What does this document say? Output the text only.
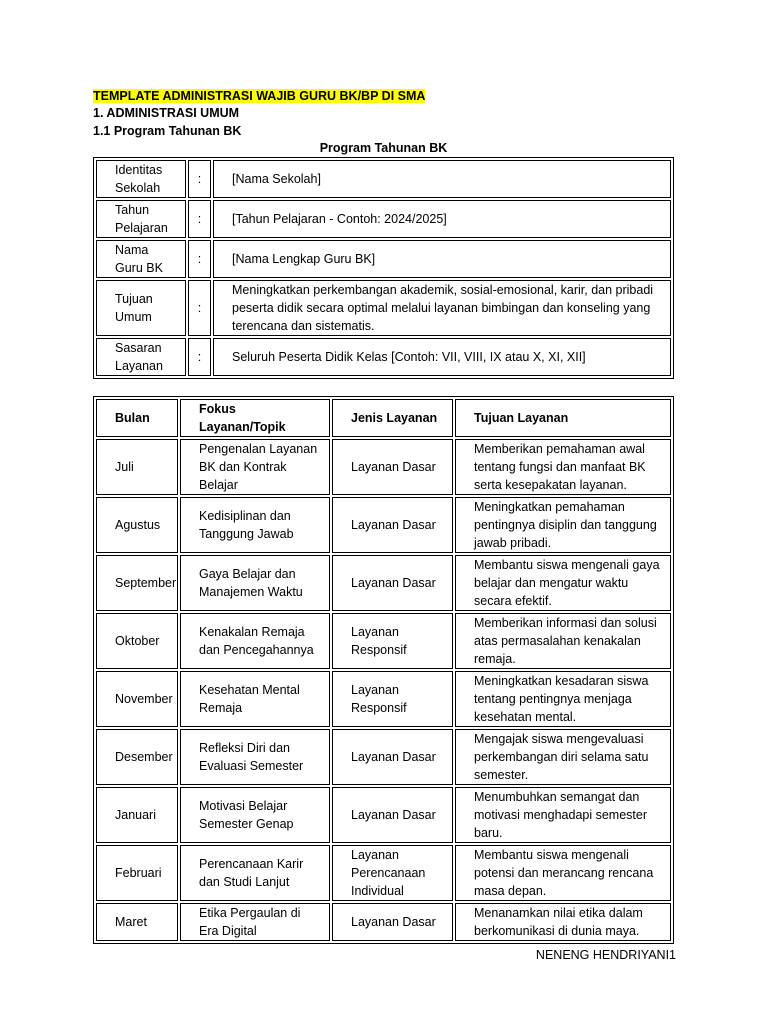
TEMPLATE ADMINISTRASI WAJIB GURU BK/BP DI SMA
1. ADMINISTRASI UMUM
1.1 Program Tahunan BK
Program Tahunan BK
Identitas Sekolah	:	[Nama Sekolah]
Tahun Pelajaran	:	[Tahun Pelajaran - Contoh: 2024/2025]
Nama Guru BK	:	[Nama Lengkap Guru BK]
Tujuan Umum	:	Meningkatkan perkembangan akademik, sosial-emosional, karir, dan pribadi peserta didik secara optimal melalui layanan bimbingan dan konseling yang terencana dan sistematis.
Sasaran Layanan	:	Seluruh Peserta Didik Kelas [Contoh: VII, VIII, IX atau X, XI, XII]
Bulan	Fokus Layanan/Topik	Jenis Layanan	Tujuan Layanan
Juli	Pengenalan Layanan BK dan Kontrak Belajar	Layanan Dasar	Memberikan pemahaman awal tentang fungsi dan manfaat BK serta kesepakatan layanan.
Agustus	Kedisiplinan dan Tanggung Jawab	Layanan Dasar	Meningkatkan pemahaman pentingnya disiplin dan tanggung jawab pribadi.
September	Gaya Belajar dan Manajemen Waktu	Layanan Dasar	Membantu siswa mengenali gaya belajar dan mengatur waktu secara efektif.
Oktober	Kenakalan Remaja dan Pencegahannya	Layanan Responsif	Memberikan informasi dan solusi atas permasalahan kenakalan remaja.
November	Kesehatan Mental Remaja	Layanan Responsif	Meningkatkan kesadaran siswa tentang pentingnya menjaga kesehatan mental.
Desember	Refleksi Diri dan Evaluasi Semester	Layanan Dasar	Mengajak siswa mengevaluasi perkembangan diri selama satu semester.
Januari	Motivasi Belajar Semester Genap	Layanan Dasar	Menumbuhkan semangat dan motivasi menghadapi semester baru.
Februari	Perencanaan Karir dan Studi Lanjut	Layanan Perencanaan Individual	Membantu siswa mengenali potensi dan merancang rencana masa depan.
Maret	Etika Pergaulan di Era Digital	Layanan Dasar	Menanamkan nilai etika dalam berkomunikasi di dunia maya.
NENENG HENDRIYANI1
